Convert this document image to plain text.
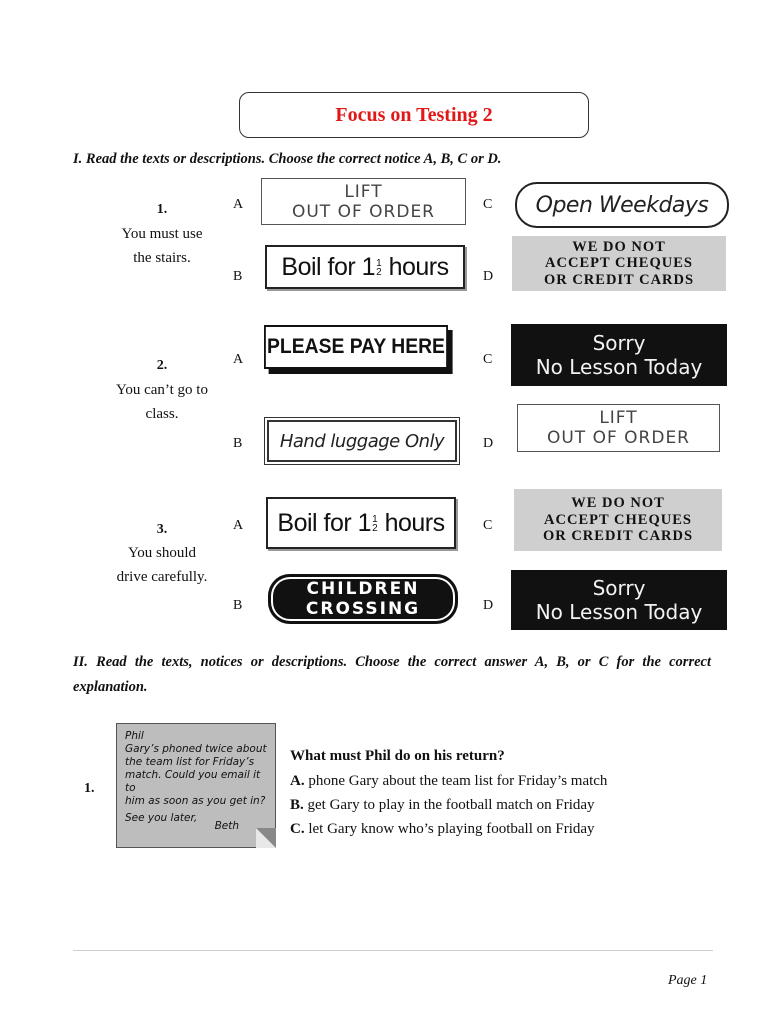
Focus on Testing 2
I. Read the texts or descriptions. Choose the correct notice A, B, C or D.
1.
You must use
the stairs.
A
B
C
D
LIFT
OUT OF ORDER
Boil for 1 1
2 hours
Open Weekdays
WE DO NOT
ACCEPT CHEQUES
OR CREDIT CARDS
2.
You can’t go to
class.
A
B
C
D
PLEASE PAY HERE	Sorry
No Lesson Today
Hand luggage Only
LIFT
OUT OF ORDER
3.
You should
drive carefully.
A
B
C
D
Boil for 1 1
2 hours
WE DO NOT
ACCEPT CHEQUES
OR CREDIT CARDS
CHILDREN
CROSSING
Sorry
No Lesson Today
II. Read the texts, notices or descriptions. Choose the correct answer A, B, or C for the correct explanation.
1.
Phil
Gary’s phoned twice about
the team list for Friday’s
match. Could you email it to
him as soon as you get in?
See you later,
Beth
What must Phil do on his return?
A. phone Gary about the team list for Friday’s match
B. get Gary to play in the football match on Friday
C. let Gary know who’s playing football on Friday
Page 1
